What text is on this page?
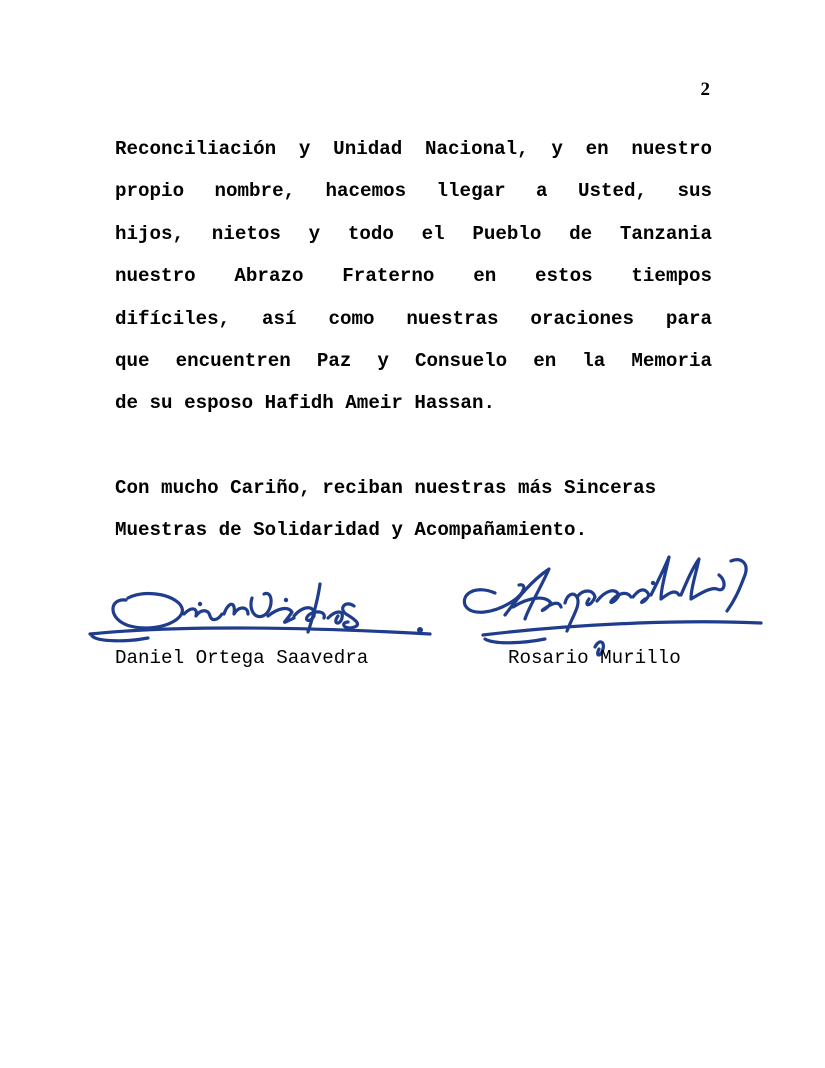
2
Reconciliación y Unidad Nacional, y en nuestro
propio nombre, hacemos llegar a Usted, sus
hijos, nietos y todo el Pueblo de Tanzania
nuestro Abrazo Fraterno en estos tiempos
difíciles, así como nuestras oraciones para
que encuentren Paz y Consuelo en la Memoria
de su esposo Hafidh Ameir Hassan.
Con mucho Cariño, reciban nuestras más Sinceras
Muestras de Solidaridad y Acompañamiento.
Daniel Ortega Saavedra	Rosario Murillo
